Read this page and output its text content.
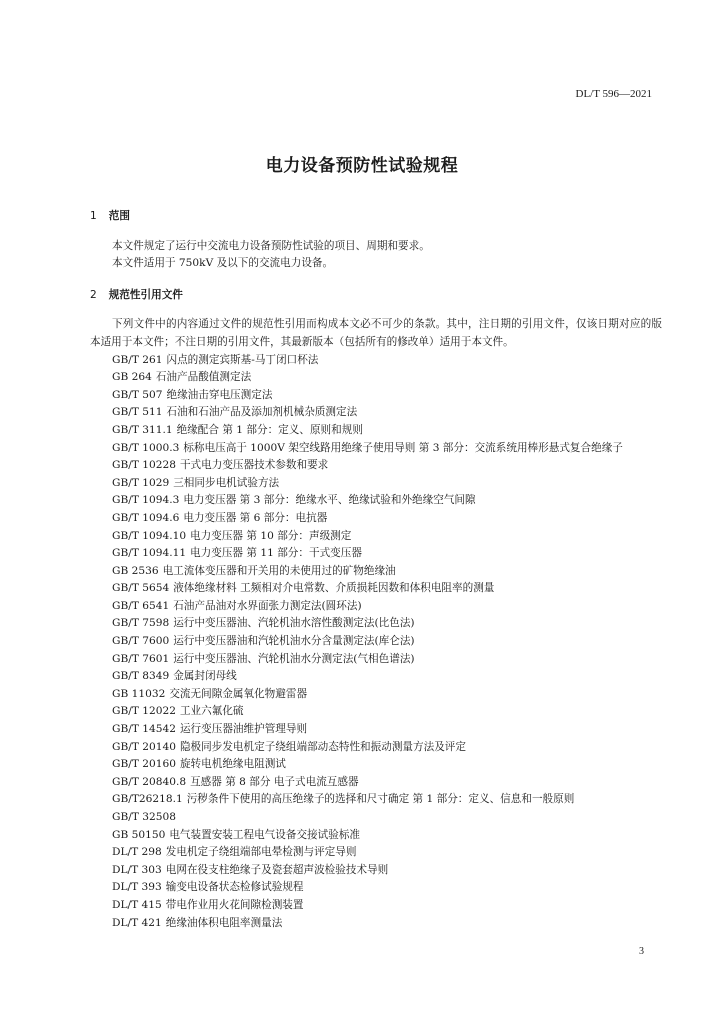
DL/T 596—2021
电力设备预防性试验规程
1 范围
本文件规定了运行中交流电力设备预防性试验的项目、周期和要求。
本文件适用于 750kV 及以下的交流电力设备。
2 规范性引用文件
下列文件中的内容通过文件的规范性引用而构成本文必不可少的条款。其中，注日期的引用文件，仅该日期对应的版本适用于本文件；不注日期的引用文件，其最新版本（包括所有的修改单）适用于本文件。
GB/T 261 闪点的测定宾斯基-马丁闭口杯法
GB 264 石油产品酸值测定法
GB/T 507 绝缘油击穿电压测定法
GB/T 511 石油和石油产品及添加剂机械杂质测定法
GB/T 311.1 绝缘配合 第 1 部分：定义、原则和规则
GB/T 1000.3 标称电压高于 1000V 架空线路用绝缘子使用导则 第 3 部分：交流系统用棒形悬式复合绝缘子
GB/T 10228 干式电力变压器技术参数和要求
GB/T 1029 三相同步电机试验方法
GB/T 1094.3 电力变压器 第 3 部分：绝缘水平、绝缘试验和外绝缘空气间隙
GB/T 1094.6 电力变压器 第 6 部分：电抗器
GB/T 1094.10 电力变压器 第 10 部分：声级测定
GB/T 1094.11 电力变压器 第 11 部分：干式变压器
GB 2536 电工流体变压器和开关用的未使用过的矿物绝缘油
GB/T 5654 液体绝缘材料 工频相对介电常数、介质损耗因数和体积电阻率的测量
GB/T 6541 石油产品油对水界面张力测定法(圆环法)
GB/T 7598 运行中变压器油、汽轮机油水溶性酸测定法(比色法)
GB/T 7600 运行中变压器油和汽轮机油水分含量测定法(库仑法)
GB/T 7601 运行中变压器油、汽轮机油水分测定法(气相色谱法)
GB/T 8349 金属封闭母线
GB 11032 交流无间隙金属氧化物避雷器
GB/T 12022 工业六氟化硫
GB/T 14542 运行变压器油维护管理导则
GB/T 20140 隐极同步发电机定子绕组端部动态特性和振动测量方法及评定
GB/T 20160 旋转电机绝缘电阻测试
GB/T 20840.8 互感器 第 8 部分 电子式电流互感器
GB/T26218.1 污秽条件下使用的高压绝缘子的选择和尺寸确定 第 1 部分：定义、信息和一般原则
GB/T 32508
GB 50150 电气装置安装工程电气设备交接试验标准
DL/T 298 发电机定子绕组端部电晕检测与评定导则
DL/T 303 电网在役支柱绝缘子及瓷套超声波检验技术导则
DL/T 393 输变电设备状态检修试验规程
DL/T 415 带电作业用火花间隙检测装置
DL/T 421 绝缘油体积电阻率测量法
3
